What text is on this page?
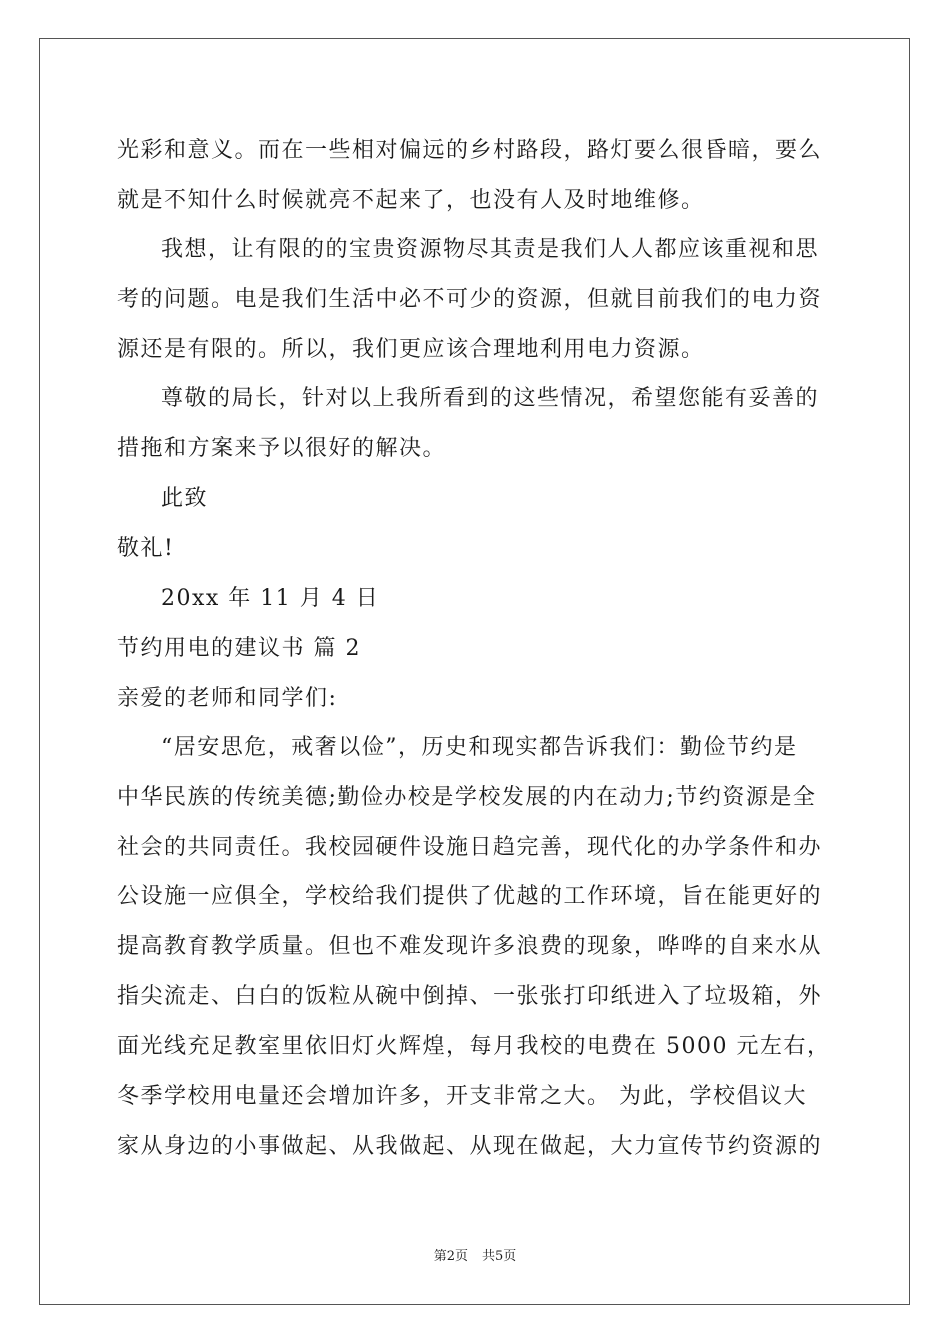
光彩和意义。而在一些相对偏远的乡村路段，路灯要么很昏暗，要么
就是不知什么时候就亮不起来了，也没有人及时地维修。
我想，让有限的的宝贵资源物尽其责是我们人人都应该重视和思
考的问题。电是我们生活中必不可少的资源，但就目前我们的电力资
源还是有限的。所以，我们更应该合理地利用电力资源。
尊敬的局长，针对以上我所看到的这些情况，希望您能有妥善的
措拖和方案来予以很好的解决。
此致
敬礼!
20xx 年 11 月 4 日
节约用电的建议书 篇 2
亲爱的老师和同学们:
“居安思危，戒奢以俭”，历史和现实都告诉我们：勤俭节约是
中华民族的传统美德;勤俭办校是学校发展的内在动力;节约资源是全
社会的共同责任。我校园硬件设施日趋完善，现代化的办学条件和办
公设施一应俱全，学校给我们提供了优越的工作环境，旨在能更好的
提高教育教学质量。但也不难发现许多浪费的现象，哗哗的自来水从
指尖流走、白白的饭粒从碗中倒掉、一张张打印纸进入了垃圾箱，外
面光线充足教室里依旧灯火辉煌，每月我校的电费在 5000 元左右，
冬季学校用电量还会增加许多，开支非常之大。 为此，学校倡议大
家从身边的小事做起、从我做起、从现在做起，大力宣传节约资源的
第2页 共5页
